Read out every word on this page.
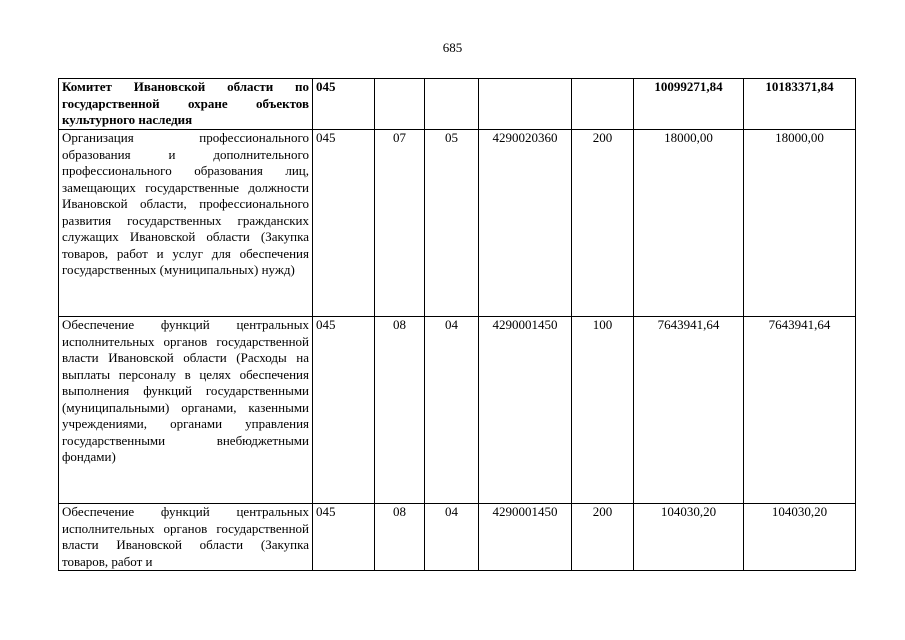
685
Комитет Ивановской области по государственной охране объектов культурного наследия	045					10099271,84	10183371,84
Организация профессионального образования и дополнительного профессионального образования лиц, замещающих государственные должности Ивановской области, профессионального развития государственных гражданских служащих Ивановской области (Закупка товаров, работ и услуг для обеспечения государственных (муниципальных) нужд)	045	07	05	4290020360	200	18000,00	18000,00
Обеспечение функций центральных исполнительных органов государственной власти Ивановской области (Расходы на выплаты персоналу в целях обеспечения выполнения функций государственными (муниципальными) органами, казенными учреждениями, органами управления государственными внебюджетными фондами)	045	08	04	4290001450	100	7643941,64	7643941,64
Обеспечение функций центральных исполнительных органов государственной власти Ивановской области (Закупка товаров, работ и	045	08	04	4290001450	200	104030,20	104030,20
